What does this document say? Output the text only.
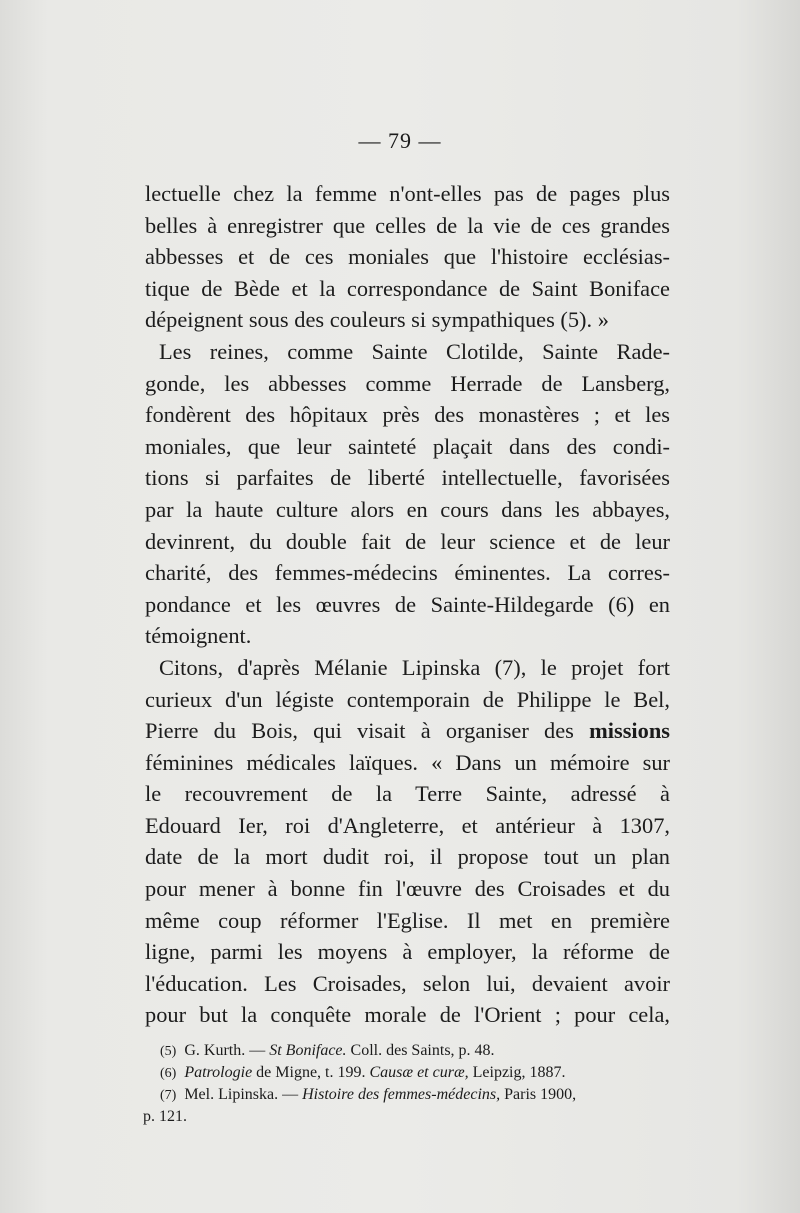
— 79 —
lectuelle chez la femme n'ont-elles pas de pages plus
belles à enregistrer que celles de la vie de ces grandes
abbesses et de ces moniales que l'histoire ecclésias-
tique de Bède et la correspondance de Saint Boniface
dépeignent sous des couleurs si sympathiques (5). »
Les reines, comme Sainte Clotilde, Sainte Rade-
gonde, les abbesses comme Herrade de Lansberg,
fondèrent des hôpitaux près des monastères ; et les
moniales, que leur sainteté plaçait dans des condi-
tions si parfaites de liberté intellectuelle, favorisées
par la haute culture alors en cours dans les abbayes,
devinrent, du double fait de leur science et de leur
charité, des femmes-médecins éminentes. La corres-
pondance et les œuvres de Sainte-Hildegarde (6) en
témoignent.
Citons, d'après Mélanie Lipinska (7), le projet fort
curieux d'un légiste contemporain de Philippe le Bel,
Pierre du Bois, qui visait à organiser des missions
féminines médicales laïques. « Dans un mémoire sur
le recouvrement de la Terre Sainte, adressé à
Edouard Ier, roi d'Angleterre, et antérieur à 1307,
date de la mort dudit roi, il propose tout un plan
pour mener à bonne fin l'œuvre des Croisades et du
même coup réformer l'Eglise. Il met en première
ligne, parmi les moyens à employer, la réforme de
l'éducation. Les Croisades, selon lui, devaient avoir
pour but la conquête morale de l'Orient ; pour cela,
(5) G. Kurth. — St Boniface. Coll. des Saints, p. 48.
(6) Patrologie de Migne, t. 199. Causæ et curæ, Leipzig, 1887.
(7) Mel. Lipinska. — Histoire des femmes-médecins, Paris 1900,
p. 121.
